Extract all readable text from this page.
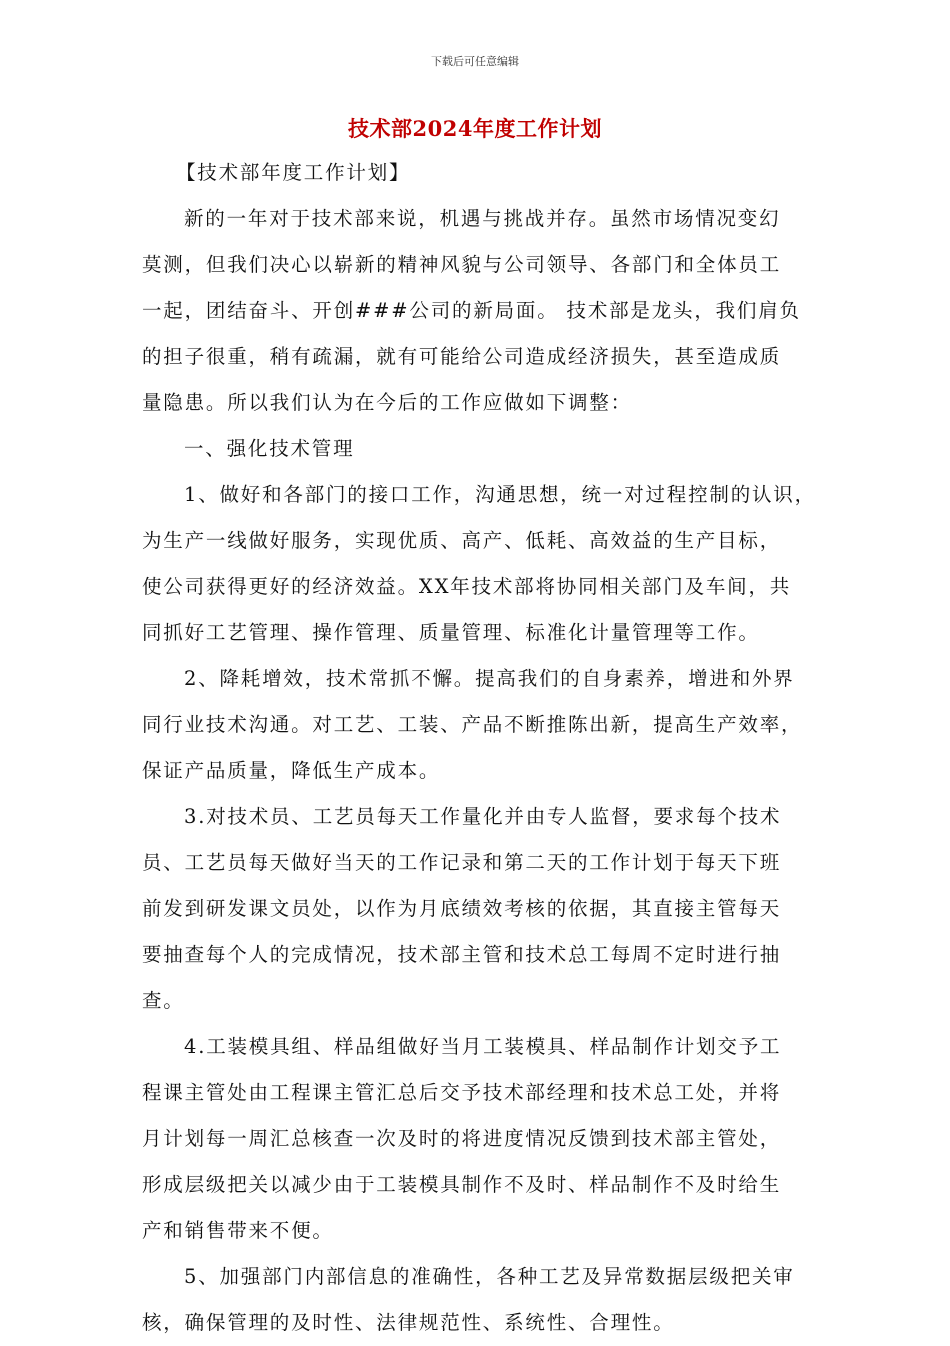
下载后可任意编辑
技术部2024年度工作计划
【技术部年度工作计划】
新的一年对于技术部来说，机遇与挑战并存。虽然市场情况变幻
莫测，但我们决心以崭新的精神风貌与公司领导、各部门和全体员工
一起，团结奋斗、开创###公司的新局面。 技术部是龙头，我们肩负
的担子很重，稍有疏漏，就有可能给公司造成经济损失，甚至造成质
量隐患。所以我们认为在今后的工作应做如下调整：
一、强化技术管理
1、做好和各部门的接口工作，沟通思想，统一对过程控制的认识，
为生产一线做好服务，实现优质、高产、低耗、高效益的生产目标，
使公司获得更好的经济效益。XX年技术部将协同相关部门及车间，共
同抓好工艺管理、操作管理、质量管理、标准化计量管理等工作。
2、降耗增效，技术常抓不懈。提高我们的自身素养，增进和外界
同行业技术沟通。对工艺、工装、产品不断推陈出新，提高生产效率，
保证产品质量，降低生产成本。
3.对技术员、工艺员每天工作量化并由专人监督，要求每个技术
员、工艺员每天做好当天的工作记录和第二天的工作计划于每天下班
前发到研发课文员处，以作为月底绩效考核的依据，其直接主管每天
要抽查每个人的完成情况，技术部主管和技术总工每周不定时进行抽
查。
4.工装模具组、样品组做好当月工装模具、样品制作计划交予工
程课主管处由工程课主管汇总后交予技术部经理和技术总工处，并将
月计划每一周汇总核查一次及时的将进度情况反馈到技术部主管处，
形成层级把关以减少由于工装模具制作不及时、样品制作不及时给生
产和销售带来不便。
5、加强部门内部信息的准确性，各种工艺及异常数据层级把关审
核，确保管理的及时性、法律规范性、系统性、合理性。
